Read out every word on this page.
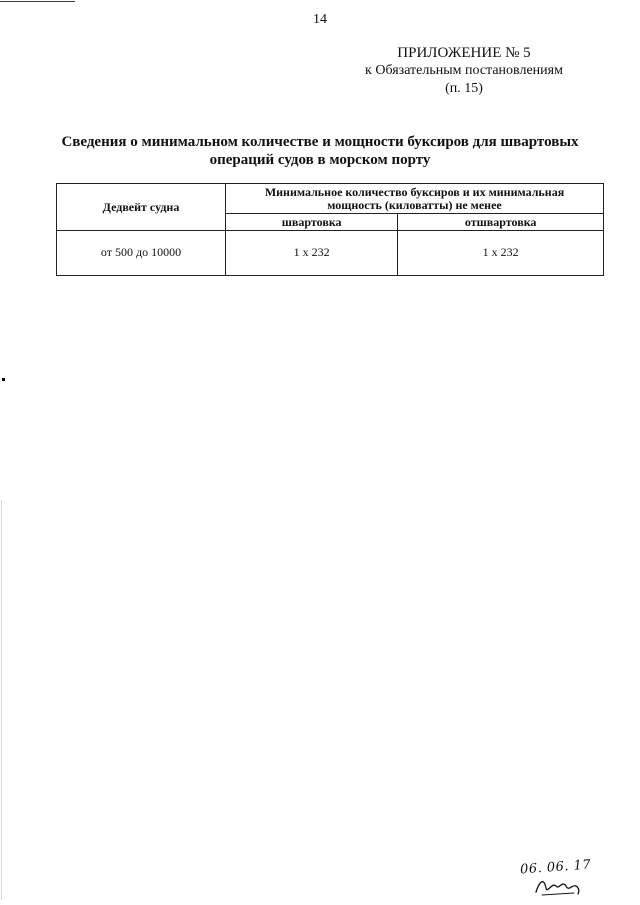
14
ПРИЛОЖЕНИЕ № 5
к Обязательным постановлениям
(п. 15)
Сведения о минимальном количестве и мощности буксиров для швартовых
операций судов в морском порту
Дедвейт судна	Минимальное количество буксиров и их минимальная
мощность (киловатты) не менее	

	швартовка	отшвартовка
от 500 до 10000	1 х 232	1 х 232
06. 06. 17
